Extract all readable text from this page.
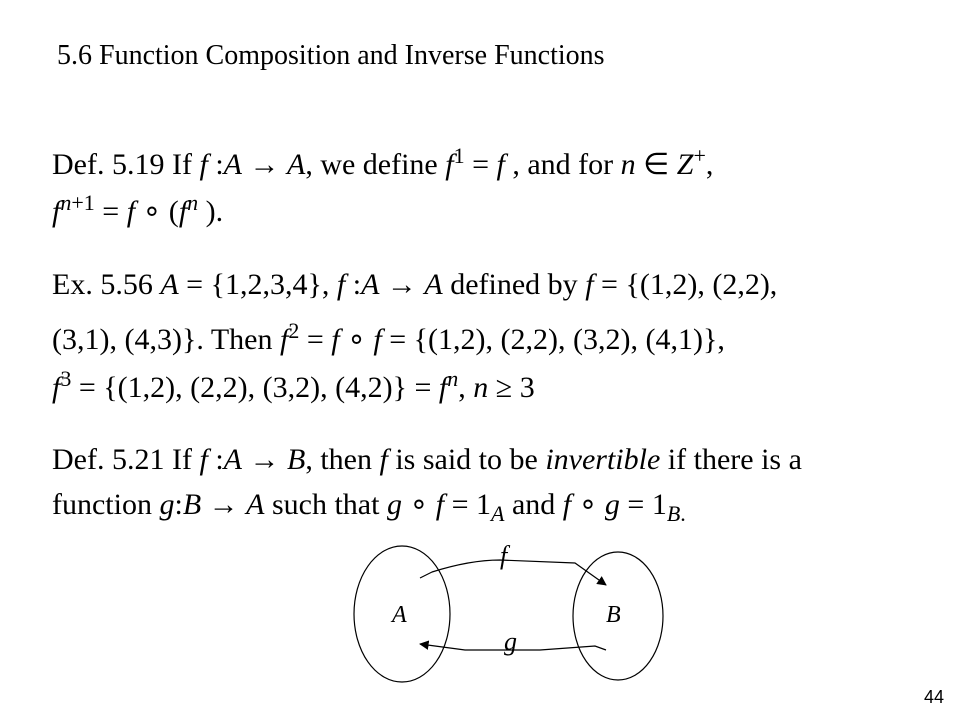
5.6 Function Composition and Inverse Functions
Def. 5.19 If f :A → A, we define $f^1 = f$ , and for n ∈ Z+,
$f^{n+1} = f$ ∘ ($f^n$ ).
Ex. 5.56 A = {1,2,3,4}, f :A → A defined by f = {(1,2), (2,2),
(3,1), (4,3)}. Then $f^2 = f$ ∘ f = {(1,2), (2,2), (3,2), (4,1)},
$f^3 = \{(1,2)$, (2,2), (3,2), $(4,2)\} = f^n$, n ≥ 3
Def. 5.21 If f :A → B, then f is said to be invertible if there is a
function g:B → A such that g ∘ $f = 1_A$ and f ∘ $g = 1_{B.}$
A	B
f
g
44
